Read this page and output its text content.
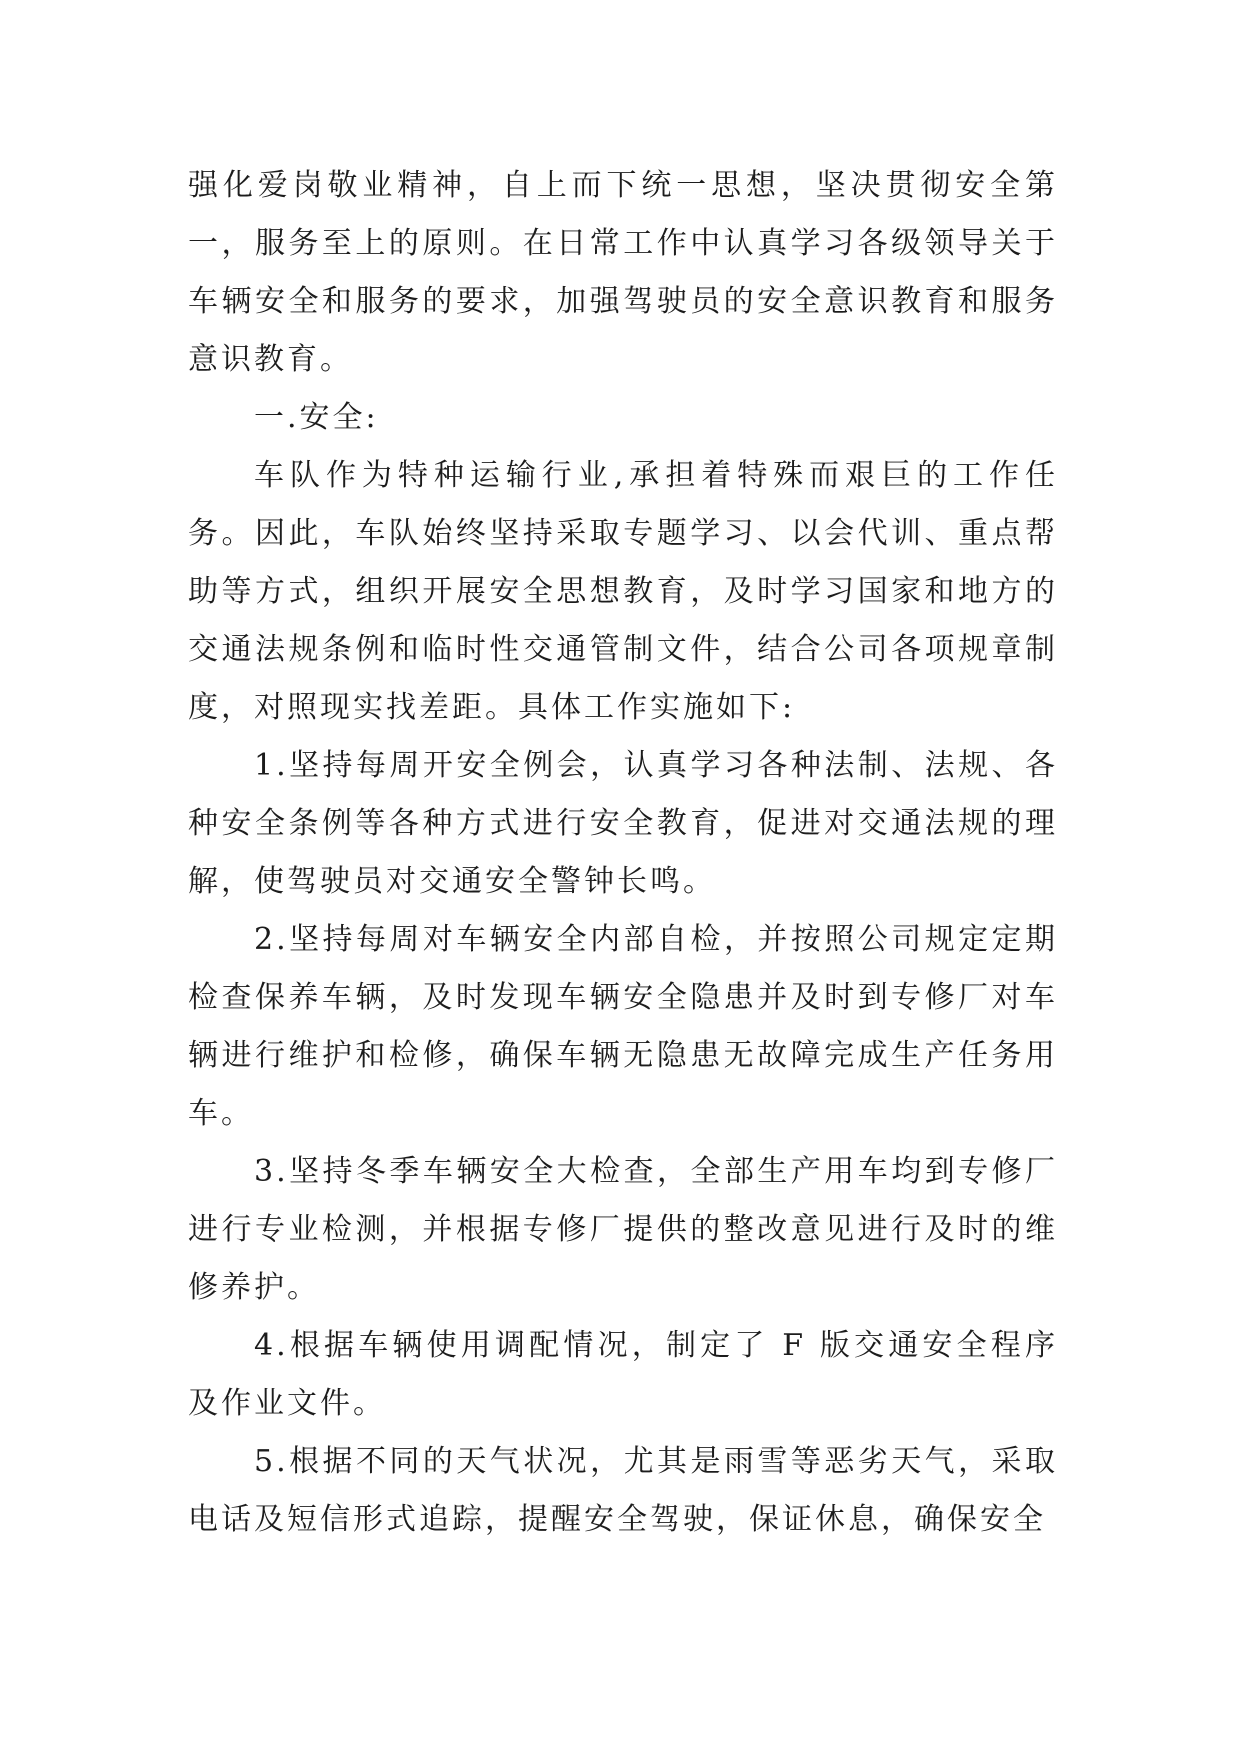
强化爱岗敬业精神，自上而下统一思想，坚决贯彻安全第一，服务至上的原则。在日常工作中认真学习各级领导关于车辆安全和服务的要求，加强驾驶员的安全意识教育和服务意识教育。

一.安全:

车队作为特种运输行业,承担着特殊而艰巨的工作任务。因此，车队始终坚持采取专题学习、以会代训、重点帮助等方式，组织开展安全思想教育，及时学习国家和地方的交通法规条例和临时性交通管制文件，结合公司各项规章制度，对照现实找差距。具体工作实施如下:

1.坚持每周开安全例会，认真学习各种法制、法规、各种安全条例等各种方式进行安全教育，促进对交通法规的理解，使驾驶员对交通安全警钟长鸣。

2.坚持每周对车辆安全内部自检，并按照公司规定定期检查保养车辆，及时发现车辆安全隐患并及时到专修厂对车辆进行维护和检修，确保车辆无隐患无故障完成生产任务用车。

3.坚持冬季车辆安全大检查，全部生产用车均到专修厂进行专业检测，并根据专修厂提供的整改意见进行及时的维修养护。

4.根据车辆使用调配情况，制定了 F 版交通安全程序及作业文件。

5.根据不同的天气状况，尤其是雨雪等恶劣天气，采取电话及短信形式追踪，提醒安全驾驶，保证休息，确保安全
